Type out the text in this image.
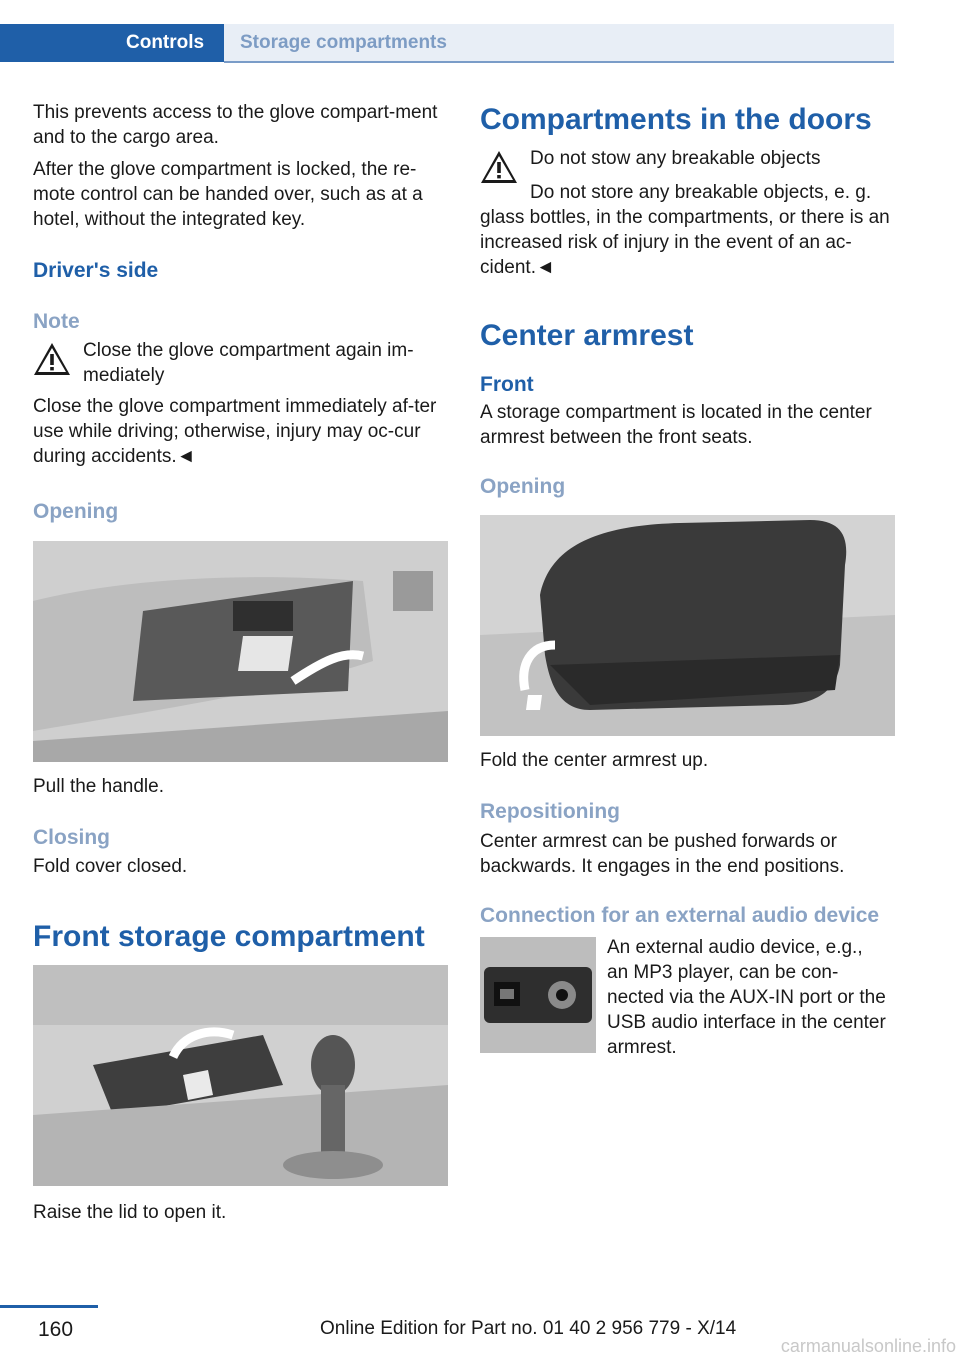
Controls	Storage compartments

This prevents access to the glove compart-ment and to the cargo area.

After the glove compartment is locked, the re-mote control can be handed over, such as at a hotel, without the integrated key.

Driver's side
Note

Close the glove compartment again im-mediately

Close the glove compartment immediately af-ter use while driving; otherwise, injury may oc-cur during accidents.◄

Opening

Pull the handle.

Closing

Fold cover closed.

Front storage compartment

Raise the lid to open it.

Compartments in the doors

Do not stow any breakable objects

Do not store any breakable objects, e. g. glass bottles, in the compartments, or there is an increased risk of injury in the event of an ac-cident.◄

Center armrest
Front

A storage compartment is located in the center armrest between the front seats.

Opening

Fold the center armrest up.

Repositioning

Center armrest can be pushed forwards or backwards. It engages in the end positions.

Connection for an external audio device

An external audio device, e.g., an MP3 player, can be con-nected via the AUX-IN port or the USB audio interface in the center armrest.

160	Online Edition for Part no. 01 40 2 956 779 - X/14
carmanualsonline.info
